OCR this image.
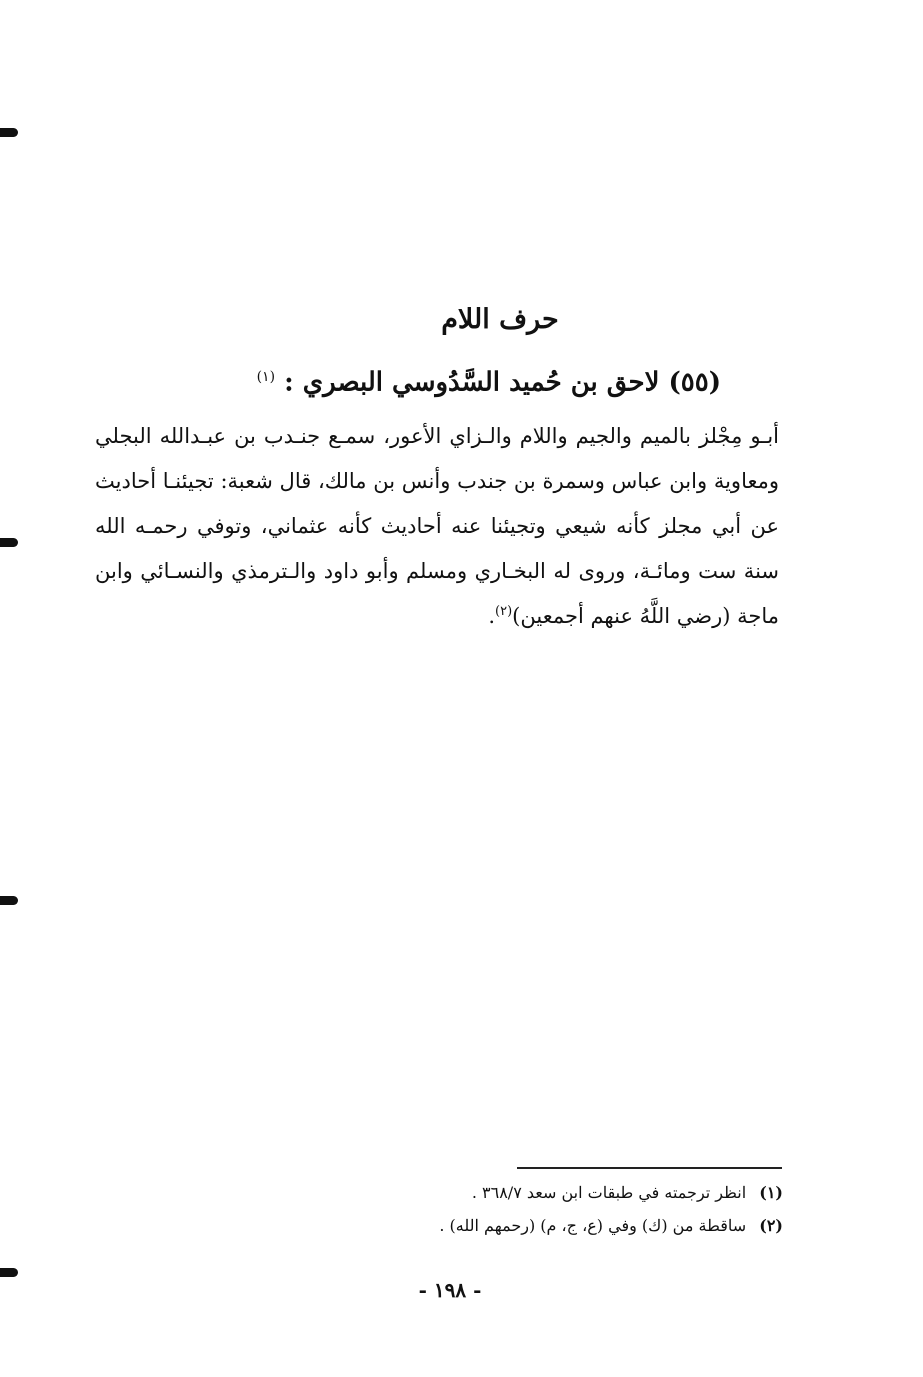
حرف اللام
(٥٥) لاحق بن حُميد السَّدُوسي البصري : $^{(١)}$
أبـو مِجْلز بالميم والجيم واللام والـزاي الأعور، سمـع جنـدب بن عبـدالله البجلي ومعاوية وابن عباس وسمرة بن جندب وأنس بن مالك، قال شعبة: تجيئنـا أحاديث عن أبي مجلز كأنه شيعي وتجيئنا عنه أحاديث كأنه عثماني، وتوفي رحمـه الله سنة ست ومائـة، وروى له البخـاري ومسلم وأبو داود والـترمذي والنسـائي وابن ماجة (رضي اللَّهُ عنهم أجمعين)$^{(٢)}$.
(١) انظر ترجمته في طبقات ابن سعد ٣٦٨/٧ .
(٢) ساقطة من (ك) وفي (ع، ج، م) (رحمهم الله) .
- ١٩٨ -
